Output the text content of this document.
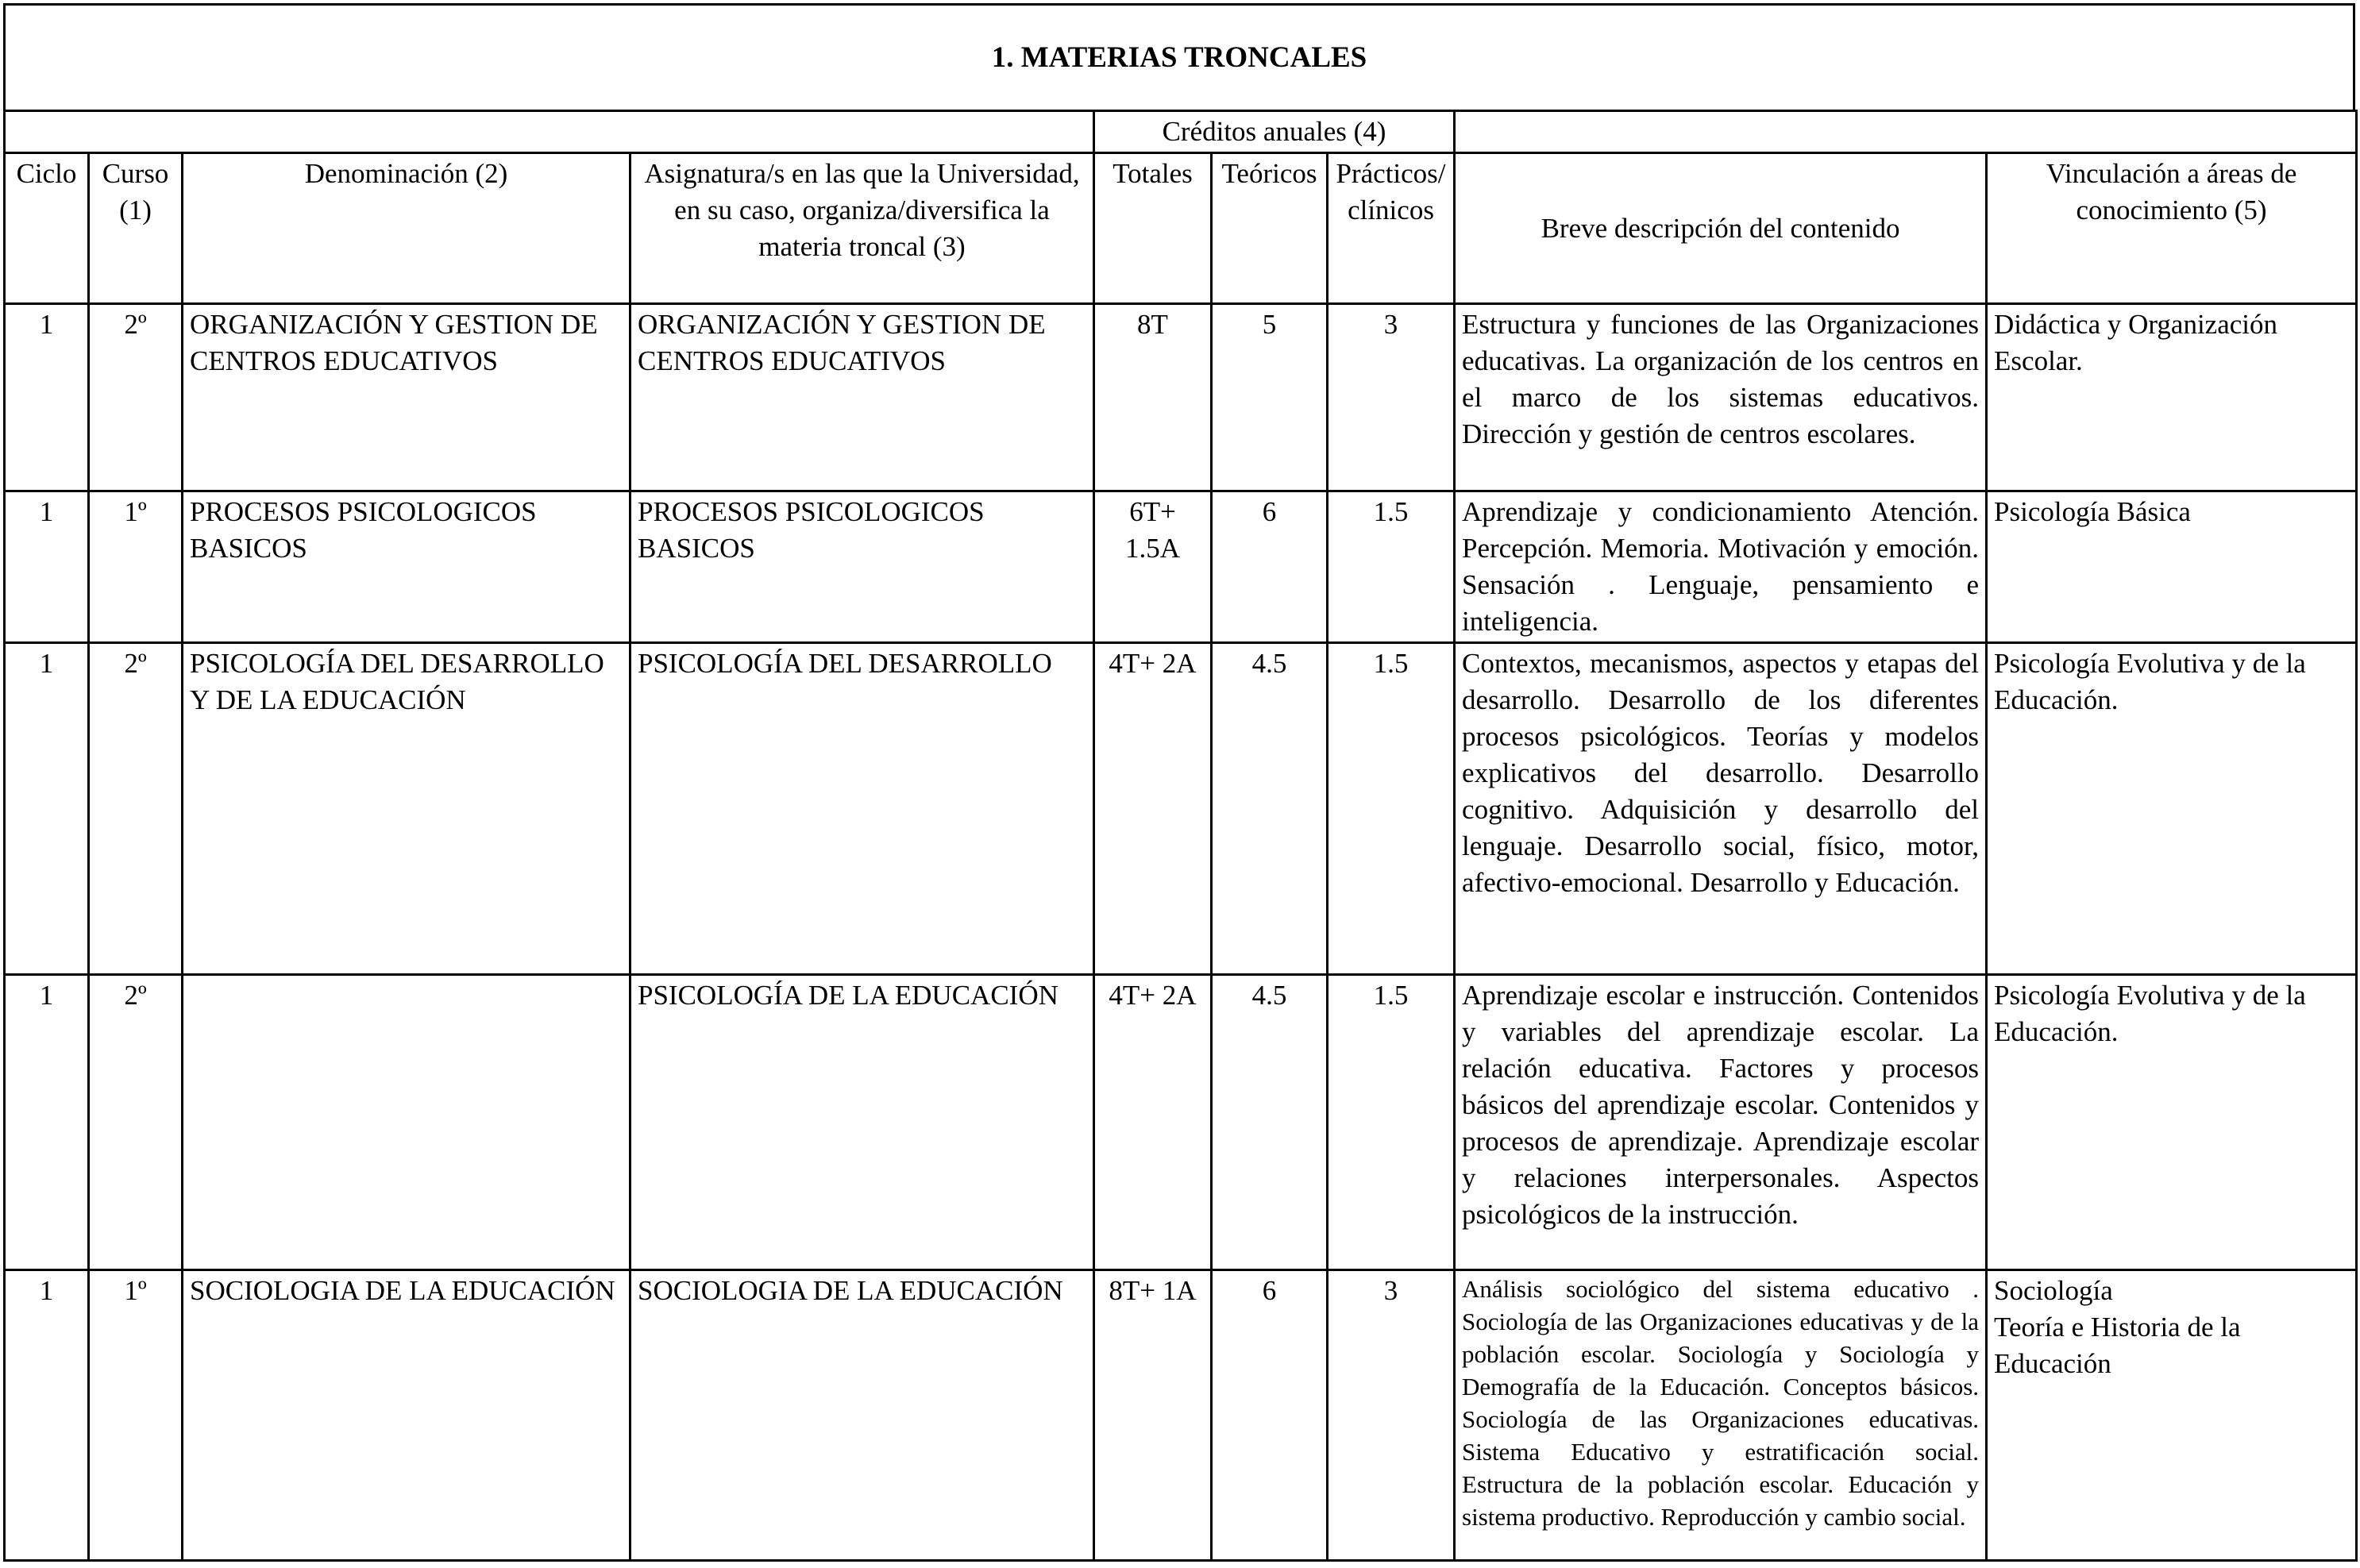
1. MATERIAS TRONCALES
				Créditos anuales (4)				
Ciclo	Curso (1)	Denominación (2)	Asignatura/s en las que la Universidad, en su caso, organiza/diversifica la materia troncal (3)	Totales	Teóricos	Prácticos/ clínicos	Breve descripción del contenido	Vinculación a áreas de conocimiento (5)
1	2º	ORGANIZACIÓN Y GESTION DE CENTROS EDUCATIVOS	ORGANIZACIÓN Y GESTION DE CENTROS EDUCATIVOS	8T	5	3	Estructura y funciones de las Organizaciones educativas. La organización de los centros en el marco de los sistemas educativos. Dirección y gestión de centros escolares.	Didáctica y Organización Escolar.

1	1º	PROCESOS PSICOLOGICOS BASICOS	PROCESOS PSICOLOGICOS BASICOS	6T+ 1.5A	6	1.5	Aprendizaje y condicionamiento Atención. Percepción. Memoria. Motivación y emoción. Sensación . Lenguaje, pensamiento e inteligencia.	Psicología Básica

1	2º	PSICOLOGÍA DEL DESARROLLO Y DE LA EDUCACIÓN	PSICOLOGÍA DEL DESARROLLO	4T+ 2A	4.5	1.5	Contextos, mecanismos, aspectos y etapas del desarrollo. Desarrollo de los diferentes procesos psicológicos. Teorías y modelos explicativos del desarrollo. Desarrollo cognitivo. Adquisición y desarrollo del lenguaje. Desarrollo social, físico, motor, afectivo-emocional. Desarrollo y Educación.	Psicología Evolutiva y de la Educación.

1	2º		PSICOLOGÍA DE LA EDUCACIÓN	4T+ 2A	4.5	1.5	Aprendizaje escolar e instrucción. Contenidos y variables del aprendizaje escolar. La relación educativa. Factores y procesos básicos del aprendizaje escolar. Contenidos y procesos de aprendizaje. Aprendizaje escolar y relaciones interpersonales. Aspectos psicológicos de la instrucción.	Psicología Evolutiva y de la Educación.

1	1º	SOCIOLOGIA DE LA EDUCACIÓN	SOCIOLOGIA DE LA EDUCACIÓN	8T+ 1A	6	3	Análisis sociológico del sistema educativo . Sociología de las Organizaciones educativas y de la población escolar. Sociología y Sociología y Demografía de la Educación. Conceptos básicos. Sociología de las Organizaciones educativas. Sistema Educativo y estratificación social. Estructura de la población escolar. Educación y sistema productivo. Reproducción y cambio social.	Sociología
Teoría e Historia de la Educación
